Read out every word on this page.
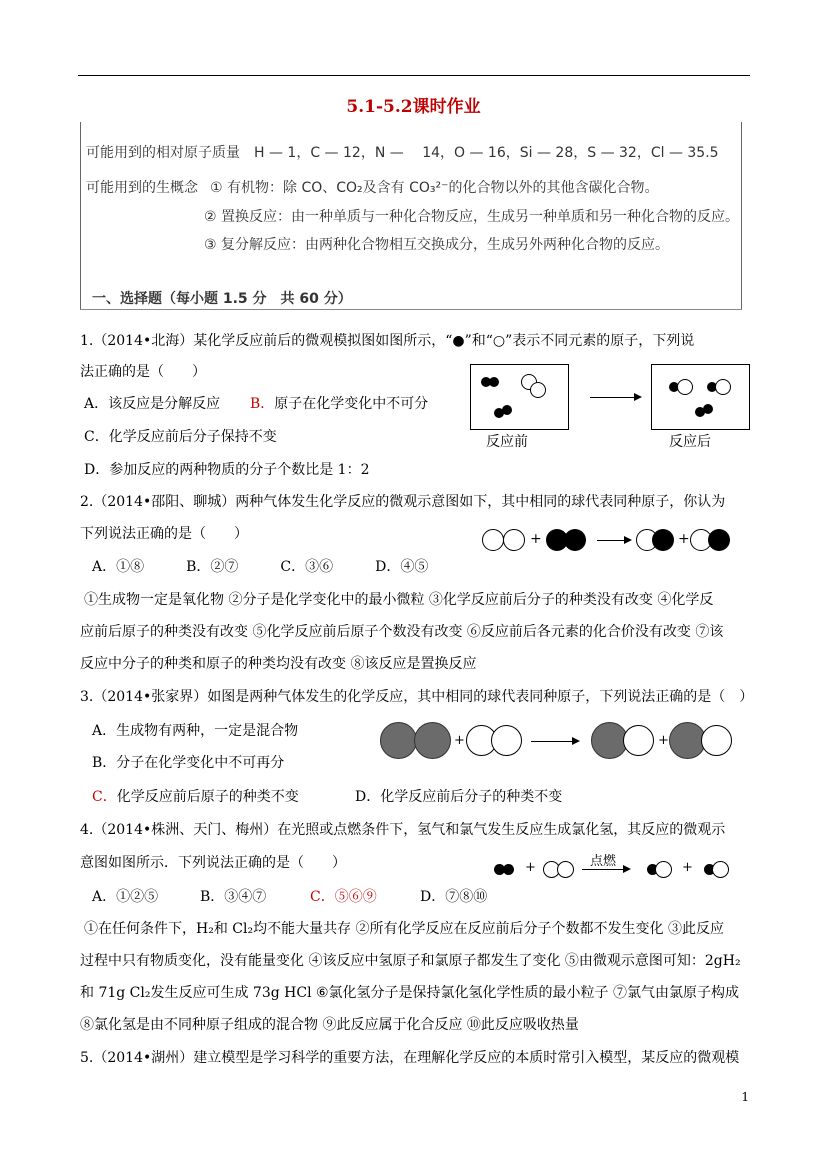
5.1-5.2课时作业
可能用到的相对原子质量　H — 1，C — 12，N — 　14，O — 16，Si — 28，S — 32，Cl — 35.5
可能用到的生概念 ① 有机物：除 CO、CO₂及含有 CO₃²⁻的化合物以外的其他含碳化合物。
② 置换反应：由一种单质与一种化合物反应，生成另一种单质和另一种化合物的反应。
③ 复分解反应：由两种化合物相互交换成分，生成另外两种化合物的反应。
一、选择题（每小题 1.5 分　共 60 分）
1.（2014•北海）某化学反应前后的微观模拟图如图所示，“●”和“○”表示不同元素的原子，下列说
法正确的是（　　）
A．该反应是分解反应 B．原子在化学变化中不可分
C．化学反应前后分子保持不变
D．参加反应的两种物质的分子个数比是 1：2
反应前	反应后
2.（2014•邵阳、聊城）两种气体发生化学反应的微观示意图如下，其中相同的球代表同种原子，你认为
下列说法正确的是（　　）
A．①⑧　　　B．②⑦　　　C．③⑥　　　D．④⑤
+	+
①生成物一定是氧化物 ②分子是化学变化中的最小微粒 ③化学反应前后分子的种类没有改变 ④化学反
应前后原子的种类没有改变 ⑤化学反应前后原子个数没有改变 ⑥反应前后各元素的化合价没有改变 ⑦该
反应中分子的种类和原子的种类均没有改变 ⑧该反应是置换反应
3.（2014•张家界）如图是两种气体发生的化学反应，其中相同的球代表同种原子，下列说法正确的是（　）
A．生成物有两种，一定是混合物
B．分子在化学变化中不可再分
C．化学反应前后原子的种类不变	D．化学反应前后分子的种类不变
+	+
4.（2014•株洲、天门、梅州）在光照或点燃条件下，氢气和氯气发生反应生成氯化氢，其反应的微观示
意图如图所示．下列说法正确的是（　　）
A．①②⑤	B．③④⑦	C．⑤⑥⑨	D．⑦⑧⑩
+	点燃	+
①在任何条件下，H₂和 Cl₂均不能大量共存 ②所有化学反应在反应前后分子个数都不发生变化 ③此反应
过程中只有物质变化，没有能量变化 ④该反应中氢原子和氯原子都发生了变化 ⑤由微观示意图可知：2gH₂
和 71g Cl₂发生反应可生成 73g HCl ⑥氯化氢分子是保持氯化氢化学性质的最小粒子 ⑦氯气由氯原子构成
⑧氯化氢是由不同种原子组成的混合物 ⑨此反应属于化合反应 ⑩此反应吸收热量
5.（2014•湖州）建立模型是学习科学的重要方法，在理解化学反应的本质时常引入模型，某反应的微观模
1
